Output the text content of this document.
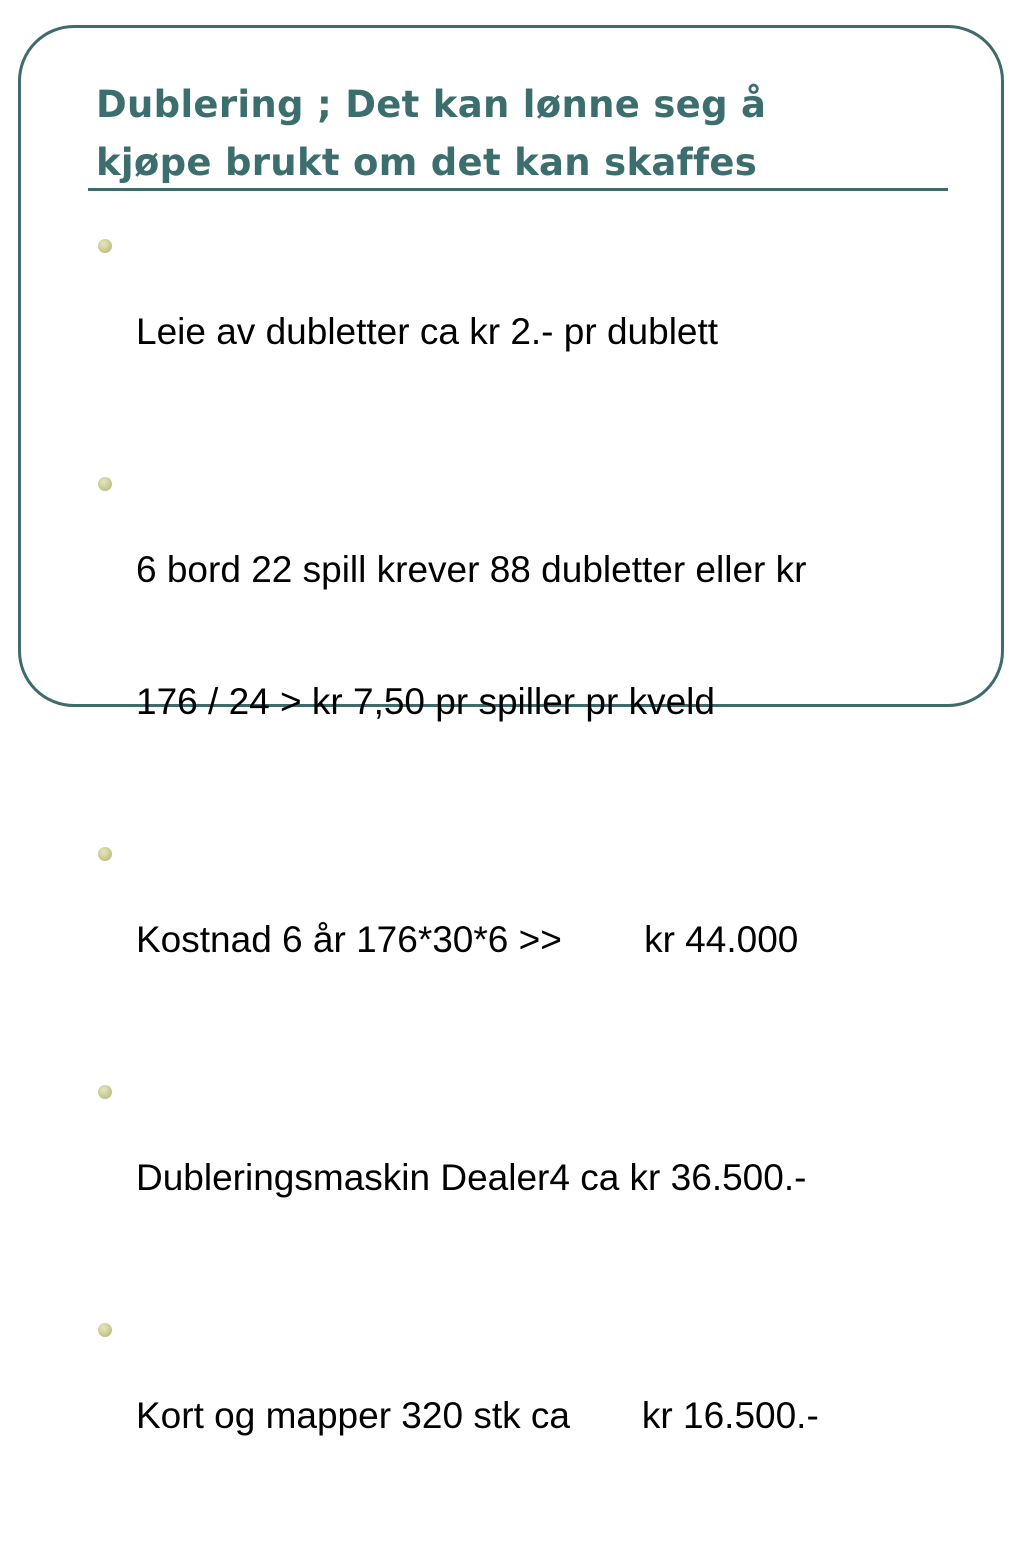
Dublering ; Det kan lønne seg å
kjøpe brukt om det kan skaffes

Leie av dubletter ca kr 2.- pr dublett

6 bord 22 spill krever 88 dubletter eller kr

176 / 24 > kr 7,50 pr spiller pr kveld

Kostnad 6 år 176*30*6 >>        kr 44.000

Dubleringsmaskin Dealer4 ca kr 36.500.-

Kort og mapper 320 stk ca       kr 16.500.-
